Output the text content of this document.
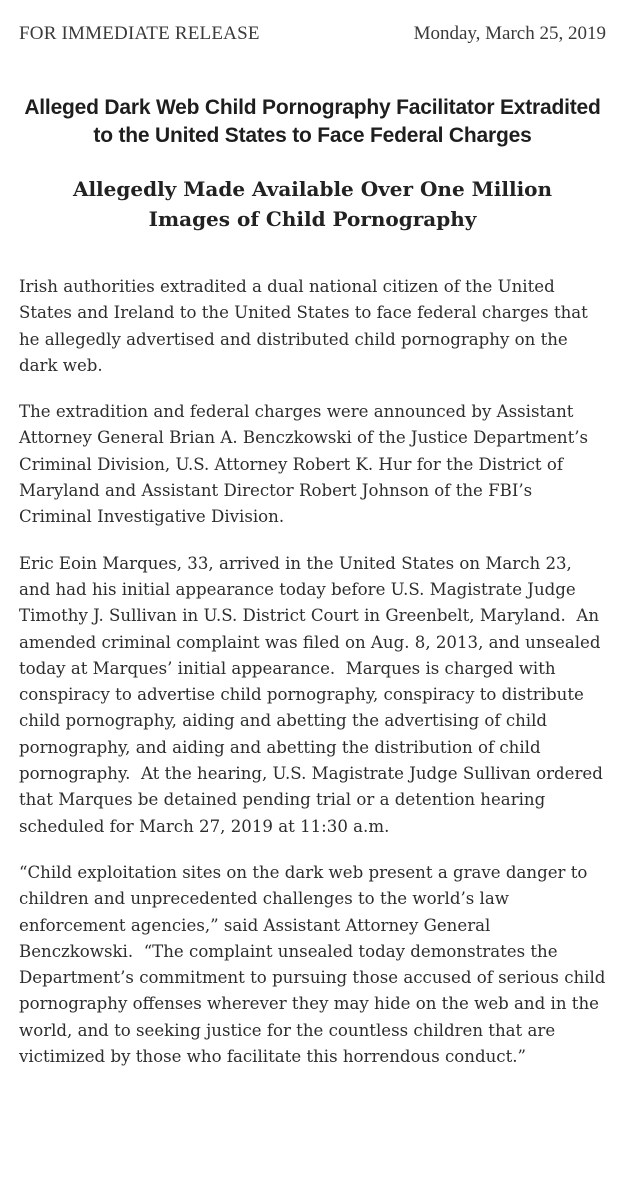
FOR IMMEDIATE RELEASE	Monday, March 25, 2019
Alleged Dark Web Child Pornography Facilitator Extradited to the United States to Face Federal Charges
Allegedly Made Available Over One Million Images of Child Pornography

Irish authorities extradited a dual national citizen of the United States and Ireland to the United States to face federal charges that he allegedly advertised and distributed child pornography on the dark web.

The extradition and federal charges were announced by Assistant Attorney General Brian A. Benczkowski of the Justice Department’s Criminal Division, U.S. Attorney Robert K. Hur for the District of Maryland and Assistant Director Robert Johnson of the FBI’s Criminal Investigative Division.

Eric Eoin Marques, 33, arrived in the United States on March 23, and had his initial appearance today before U.S. Magistrate Judge Timothy J. Sullivan in U.S. District Court in Greenbelt, Maryland.  An amended criminal complaint was filed on Aug. 8, 2013, and unsealed today at Marques’ initial appearance.  Marques is charged with conspiracy to advertise child pornography, conspiracy to distribute child pornography, aiding and abetting the advertising of child pornography, and aiding and abetting the distribution of child pornography.  At the hearing, U.S. Magistrate Judge Sullivan ordered that Marques be detained pending trial or a detention hearing scheduled for March 27, 2019 at 11:30 a.m.

“Child exploitation sites on the dark web present a grave danger to children and unprecedented challenges to the world’s law enforcement agencies,” said Assistant Attorney General Benczkowski.  “The complaint unsealed today demonstrates the Department’s commitment to pursuing those accused of serious child pornography offenses wherever they may hide on the web and in the world, and to seeking justice for the countless children that are victimized by those who facilitate this horrendous conduct.”
